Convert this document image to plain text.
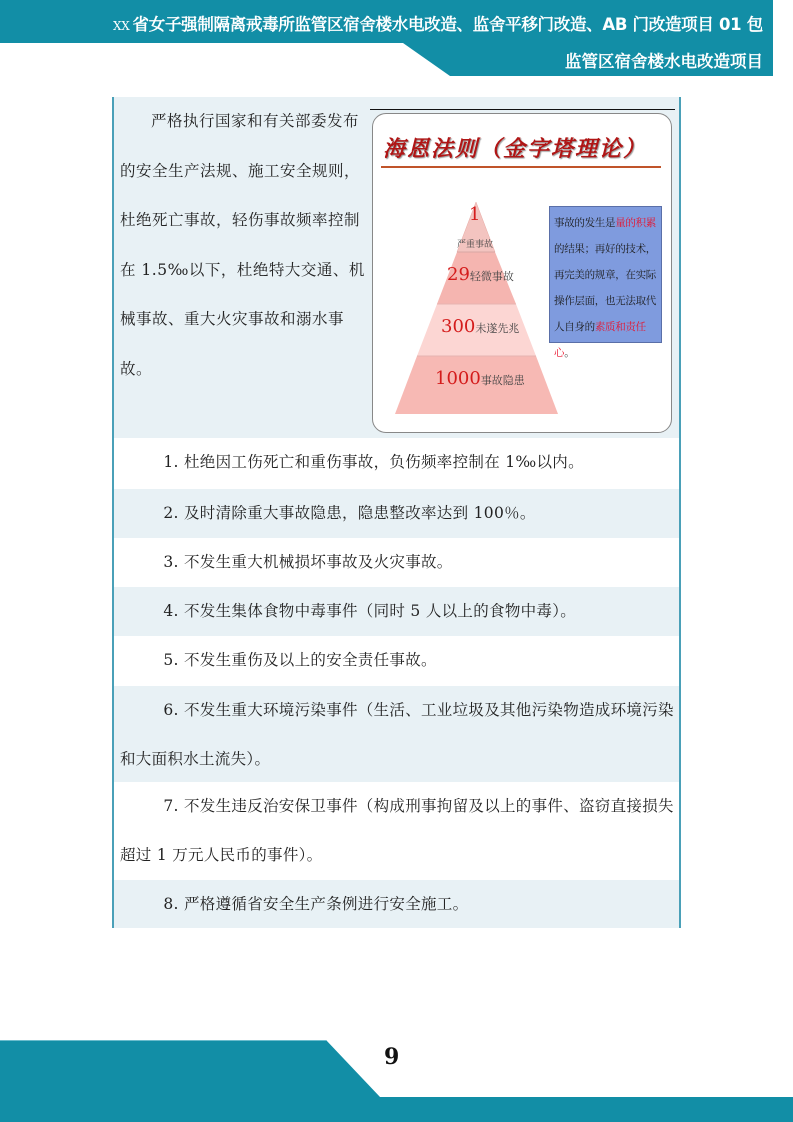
XX 省女子强制隔离戒毒所监管区宿舍楼水电改造、监舍平移门改造、AB 门改造项目 01 包
监管区宿舍楼水电改造项目
严格执行国家和有关部委发布的安全生产法规、施工安全规则，杜绝死亡事故，轻伤事故频率控制在 1.5‰以下，杜绝特大交通、机械事故、重大火灾事故和溺水事故。
海恩法则（金字塔理论）
1
严重事故
29轻微事故
300未遂先兆
1000事故隐患
事故的发生是量的积累的结果；再好的技术，再完美的规章，在实际操作层面，也无法取代人自身的素质和责任心。
1. 杜绝因工伤死亡和重伤事故，负伤频率控制在 1‰以内。
2. 及时清除重大事故隐患，隐患整改率达到 100％。
3. 不发生重大机械损坏事故及火灾事故。
4. 不发生集体食物中毒事件（同时 5 人以上的食物中毒）。
5. 不发生重伤及以上的安全责任事故。
6. 不发生重大环境污染事件（生活、工业垃圾及其他污染物造成环境污染和大面积水土流失）。
7. 不发生违反治安保卫事件（构成刑事拘留及以上的事件、盗窃直接损失超过 1 万元人民币的事件）。
8. 严格遵循省安全生产条例进行安全施工。
9
